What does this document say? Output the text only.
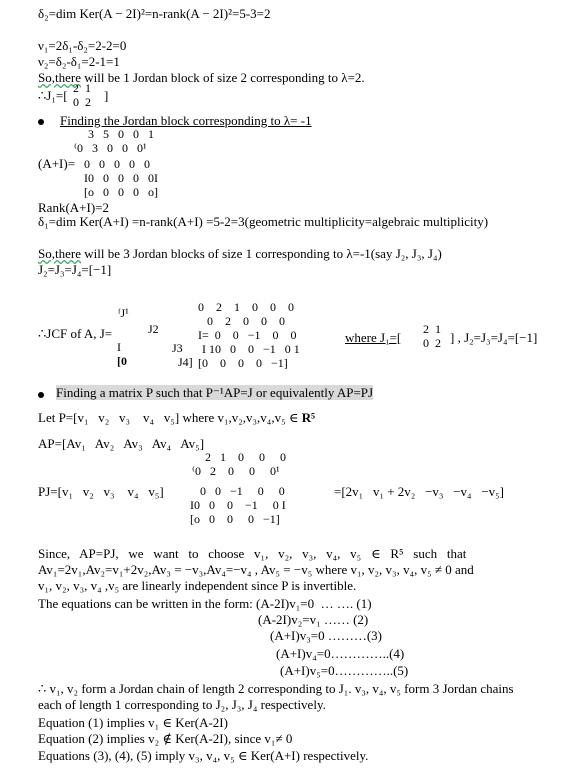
δ₂=dim Ker(A − 2I)²=n-rank(A − 2I)²=5-3=2
ν₁=2δ₁-δ₂=2-2=0
ν₂=δ₂-δ₁=2-1=1
So,there will be 1 Jordan block of size 2 corresponding to λ=2.
∴J₁=[ 2  1
0  2 ]
Finding the Jordan block corresponding to λ= -1
3   5   0   0   1
⁽0   3   0   0   0¹
(A+I)= 0   0   0   0   0
I0   0   0   0   0I
[o   0   0   0   o]
Rank(A+I)=2
δ₁=dim Ker(A+I) =n-rank(A+I) =5-2=3(geometric multiplicity=algebraic multiplicity)
So,there will be 3 Jordan blocks of size 1 corresponding to λ=-1(say J₂, J₃, J₄)
J₂=J₃=J₄=[−1]
ᶠJ¹
∴JCF of A, J=	J2
I	J3
[0	J4]
0    2    1    0    0    0
0    2    0    0    0
I=  0    0   −1    0    0
I 10   0    0   −1   0 1
[0    0    0    0   −1]
where J₁=[
2  1
0  2 ] , J₂=J₃=J₄=[−1]
Finding a matrix P such that P⁻¹AP=J or equivalently AP=PJ
Let P=[v₁   v₂   v₃    v₄   v₅] where v₁,v₂,v₃,v₄,v₅ ∈ R⁵
AP=[Av₁   Av₂   Av₃   Av₄   Av₅]
2   1    0     0     0
⁽0   2    0     0     0¹
PJ=[v₁   v₂   v₃    v₄   v₅]	0   0   −1     0     0	=[2v₁   v₁ + 2v₂   −v₃   −v₄   −v₅]
I0   0    0    −1     0 I
[o   0    0     0   −1]
Since,   AP=PJ,   we   want   to   choose   v₁,   v₂,   v₃,   v₄,   v₅   ∈   R⁵   such   that
Av₁=2v₁,Av₂=v₁+2v₂,Av₃ = −v₃,Av₄=−v₄ , Av₅ = −v₅ where v₁, v₂, v₃, v₄, v₅ ≠ 0 and
v₁, v₂, v₃, v₄ ,v₅ are linearly independent since P is invertible.
The equations can be written in the form: (A-2I)v₁=0  … …. (1)
(A-2I)v₂=v₁ …… (2)
(A+I)v₃=0 ………(3)
(A+I)v₄=0…………..(4)
(A+I)v₅=0…………..(5)
∴ v₁, v₂ form a Jordan chain of length 2 corresponding to J₁. v₃, v₄, v₅ form 3 Jordan chains
each of length 1 corresponding to J₂, J₃, J₄ respectively.
Equation (1) implies v₁ ∈ Ker(A-2I)
Equation (2) implies v₂ ∉ Ker(A-2I), since v₁≠ 0
Equations (3), (4), (5) imply v₃, v₄, v₅ ∈ Ker(A+I) respectively.
